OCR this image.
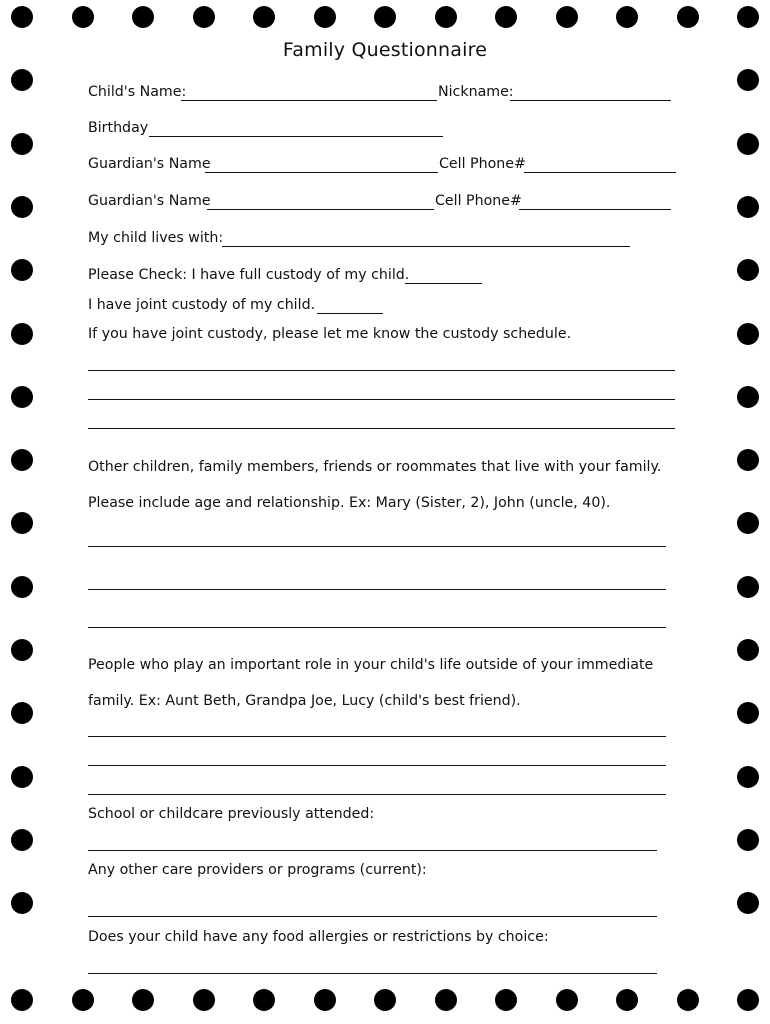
Family Questionnaire
Child's Name:	Nickname:
Birthday
Guardian's Name	Cell Phone#
Guardian's Name	Cell Phone#
My child lives with:
Please Check: I have full custody of my child.
I have joint custody of my child.
If you have joint custody, please let me know the custody schedule.
Other children, family members, friends or roommates that live with your family.
Please include age and relationship. Ex: Mary (Sister, 2), John (uncle, 40).
People who play an important role in your child's life outside of your immediate
family. Ex: Aunt Beth, Grandpa Joe, Lucy (child's best friend).
School or childcare previously attended:
Any other care providers or programs (current):
Does your child have any food allergies or restrictions by choice:
